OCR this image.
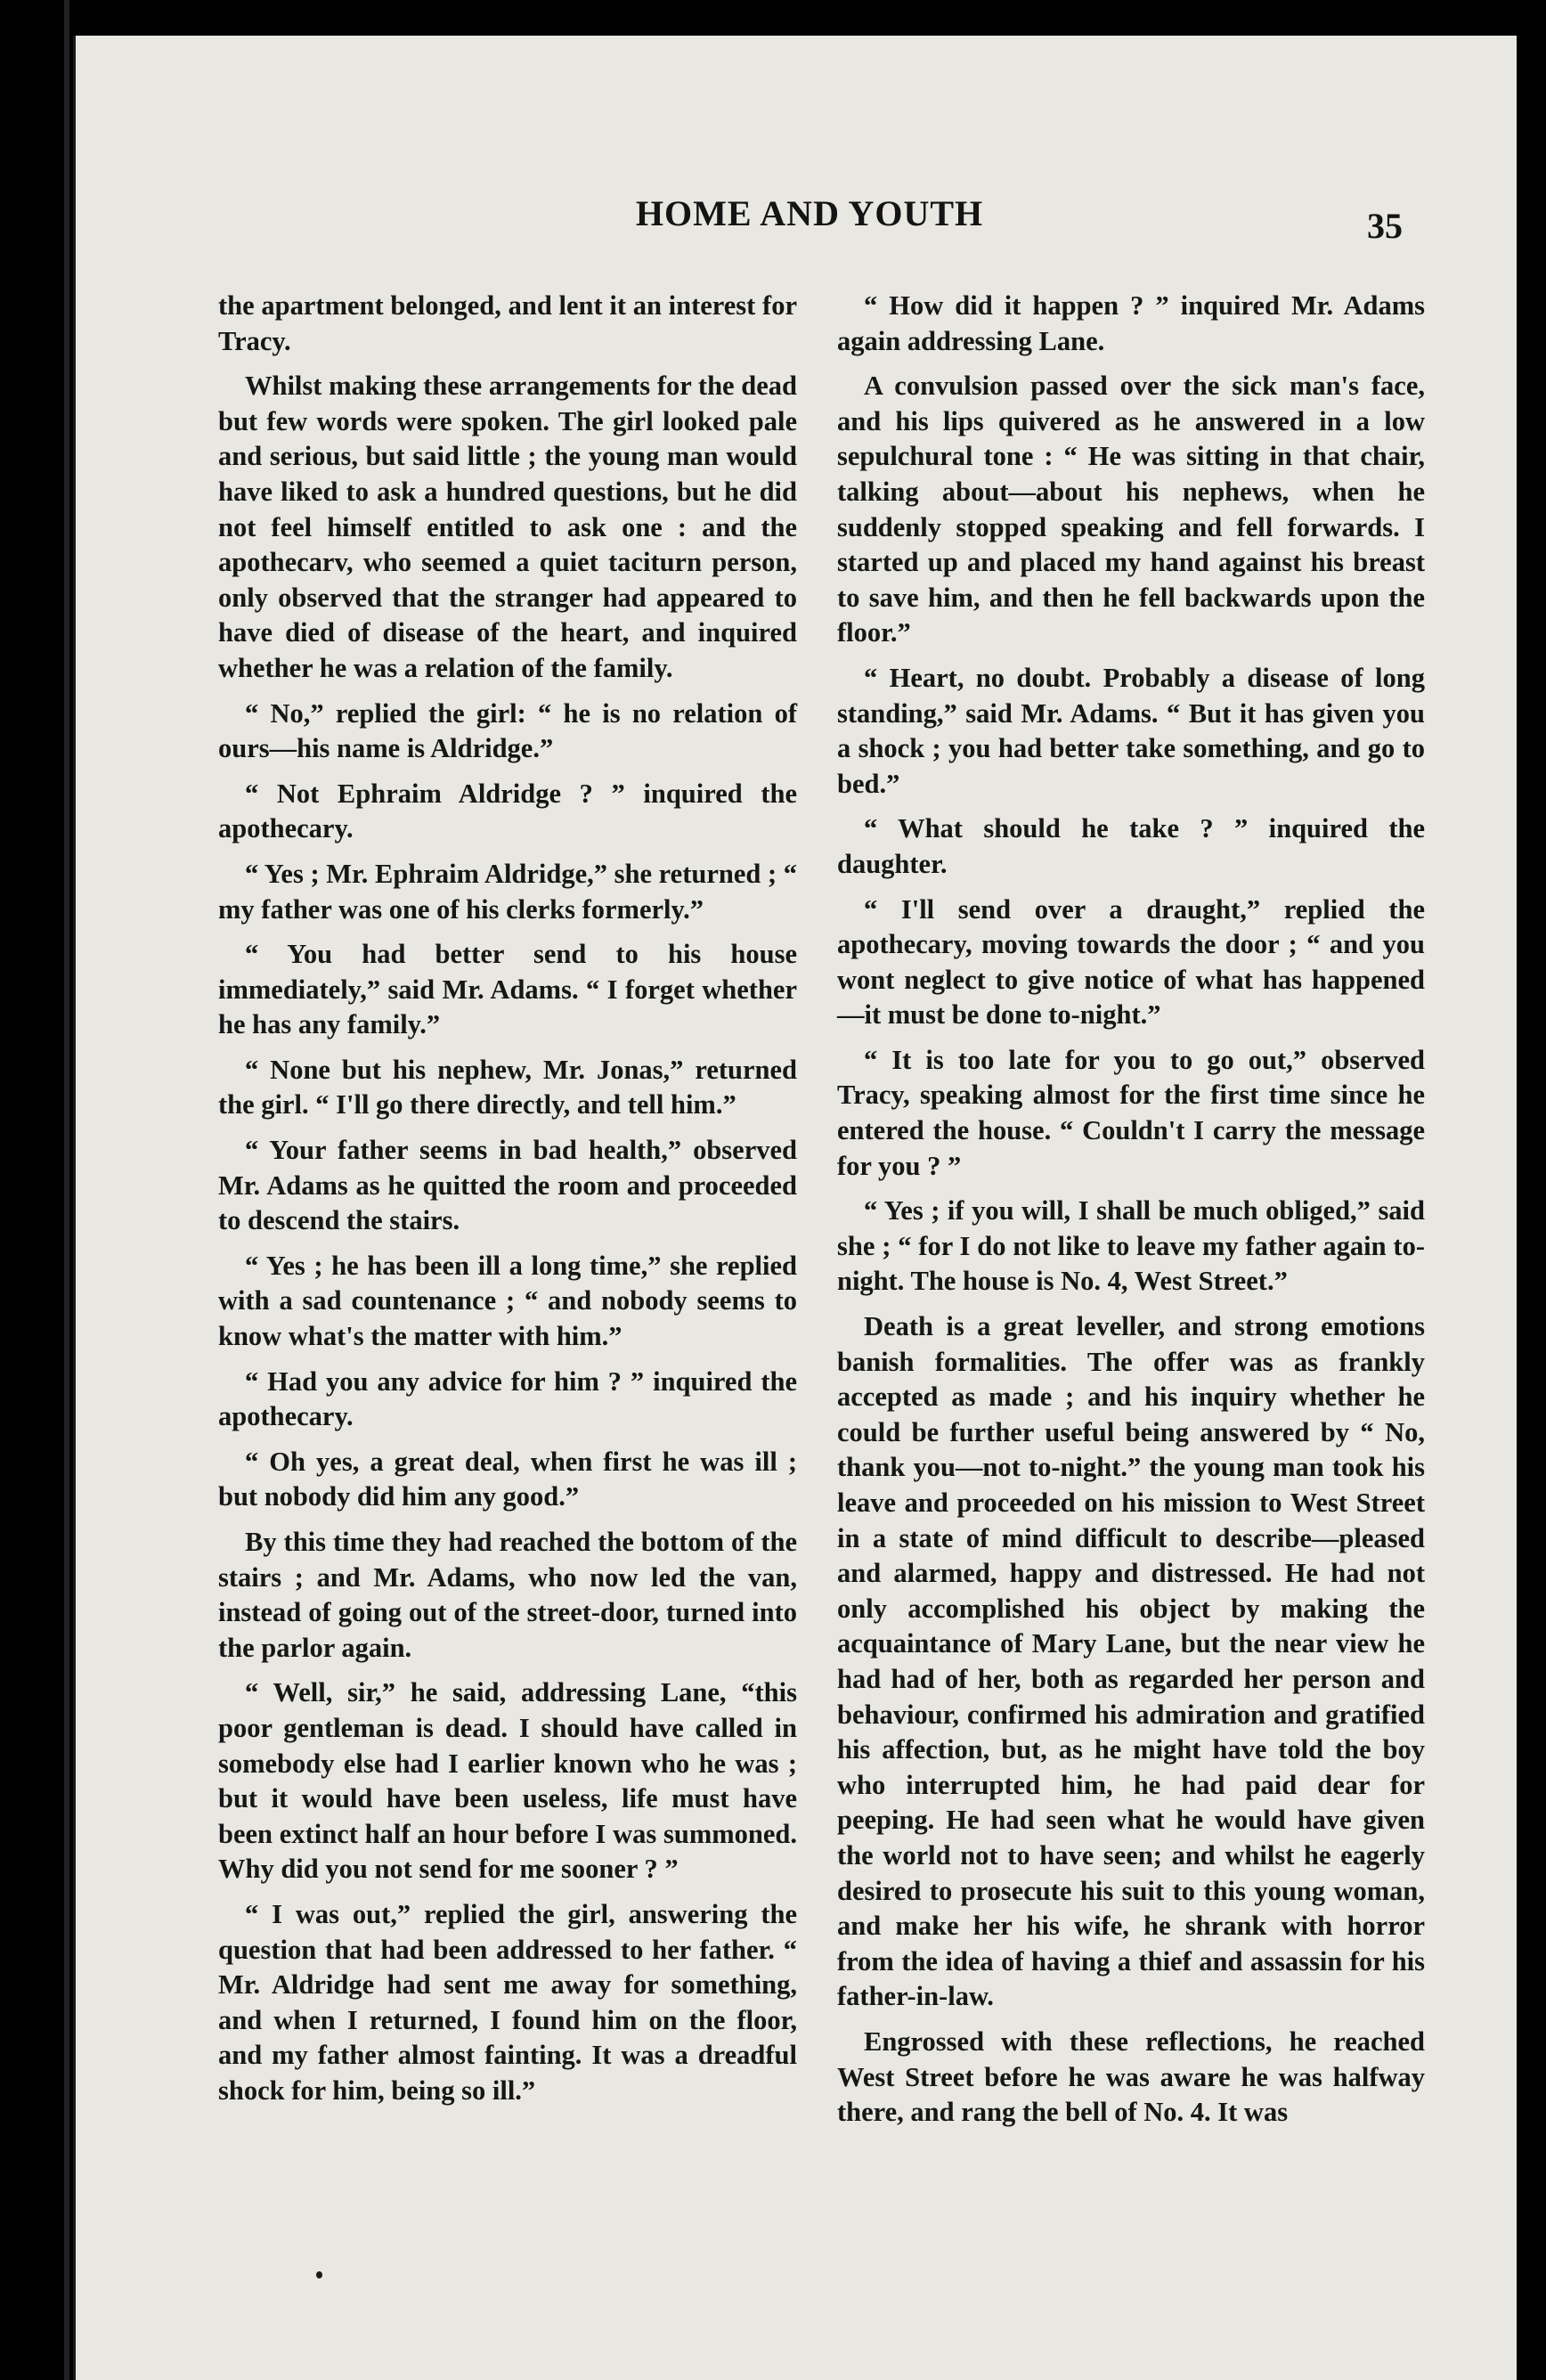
HOME AND YOUTH	35

the apartment belonged, and lent it an interest for Tracy.

Whilst making these arrangements for the dead but few words were spoken. The girl looked pale and serious, but said little ; the young man would have liked to ask a hundred questions, but he did not feel himself entitled to ask one : and the apothecarv, who seemed a quiet taciturn person, only observed that the stranger had appeared to have died of disease of the heart, and inquired whether he was a relation of the family.

“ No,” replied the girl: “ he is no relation of ours—his name is Aldridge.”

“ Not Ephraim Aldridge ? ” inquired the apothecary.

“ Yes ; Mr. Ephraim Aldridge,” she returned ; “ my father was one of his clerks formerly.”

“ You had better send to his house immediately,” said Mr. Adams. “ I forget whether he has any family.”

“ None but his nephew, Mr. Jonas,” returned the girl. “ I'll go there directly, and tell him.”

“ Your father seems in bad health,” observed Mr. Adams as he quitted the room and proceeded to descend the stairs.

“ Yes ; he has been ill a long time,” she replied with a sad countenance ; “ and nobody seems to know what's the matter with him.”

“ Had you any advice for him ? ” inquired the apothecary.

“ Oh yes, a great deal, when first he was ill ; but nobody did him any good.”

By this time they had reached the bottom of the stairs ; and Mr. Adams, who now led the van, instead of going out of the street-door, turned into the parlor again.

“ Well, sir,” he said, addressing Lane, “this poor gentleman is dead. I should have called in somebody else had I earlier known who he was ; but it would have been useless, life must have been extinct half an hour before I was summoned. Why did you not send for me sooner ? ”

“ I was out,” replied the girl, answering the question that had been addressed to her father. “ Mr. Aldridge had sent me away for something, and when I returned, I found him on the floor, and my father almost fainting. It was a dreadful shock for him, being so ill.”

“ How did it happen ? ” inquired Mr. Adams again addressing Lane.

A convulsion passed over the sick man's face, and his lips quivered as he answered in a low sepulchural tone : “ He was sitting in that chair, talking about—about his nephews, when he suddenly stopped speaking and fell forwards. I started up and placed my hand against his breast to save him, and then he fell backwards upon the floor.”

“ Heart, no doubt. Probably a disease of long standing,” said Mr. Adams. “ But it has given you a shock ; you had better take something, and go to bed.”

“ What should he take ? ” inquired the daughter.

“ I'll send over a draught,” replied the apothecary, moving towards the door ; “ and you wont neglect to give notice of what has happened—it must be done to-night.”

“ It is too late for you to go out,” observed Tracy, speaking almost for the first time since he entered the house. “ Couldn't I carry the message for you ? ”

“ Yes ; if you will, I shall be much obliged,” said she ; “ for I do not like to leave my father again to-night. The house is No. 4, West Street.”

Death is a great leveller, and strong emotions banish formalities. The offer was as frankly accepted as made ; and his inquiry whether he could be further useful being answered by “ No, thank you—not to-night.” the young man took his leave and proceeded on his mission to West Street in a state of mind difficult to describe—pleased and alarmed, happy and distressed. He had not only accomplished his object by making the acquaintance of Mary Lane, but the near view he had had of her, both as regarded her person and behaviour, confirmed his admiration and gratified his affection, but, as he might have told the boy who interrupted him, he had paid dear for peeping. He had seen what he would have given the world not to have seen; and whilst he eagerly desired to prosecute his suit to this young woman, and make her his wife, he shrank with horror from the idea of having a thief and assassin for his father-in-law.

Engrossed with these reflections, he reached West Street before he was aware he was halfway there, and rang the bell of No. 4. It was
